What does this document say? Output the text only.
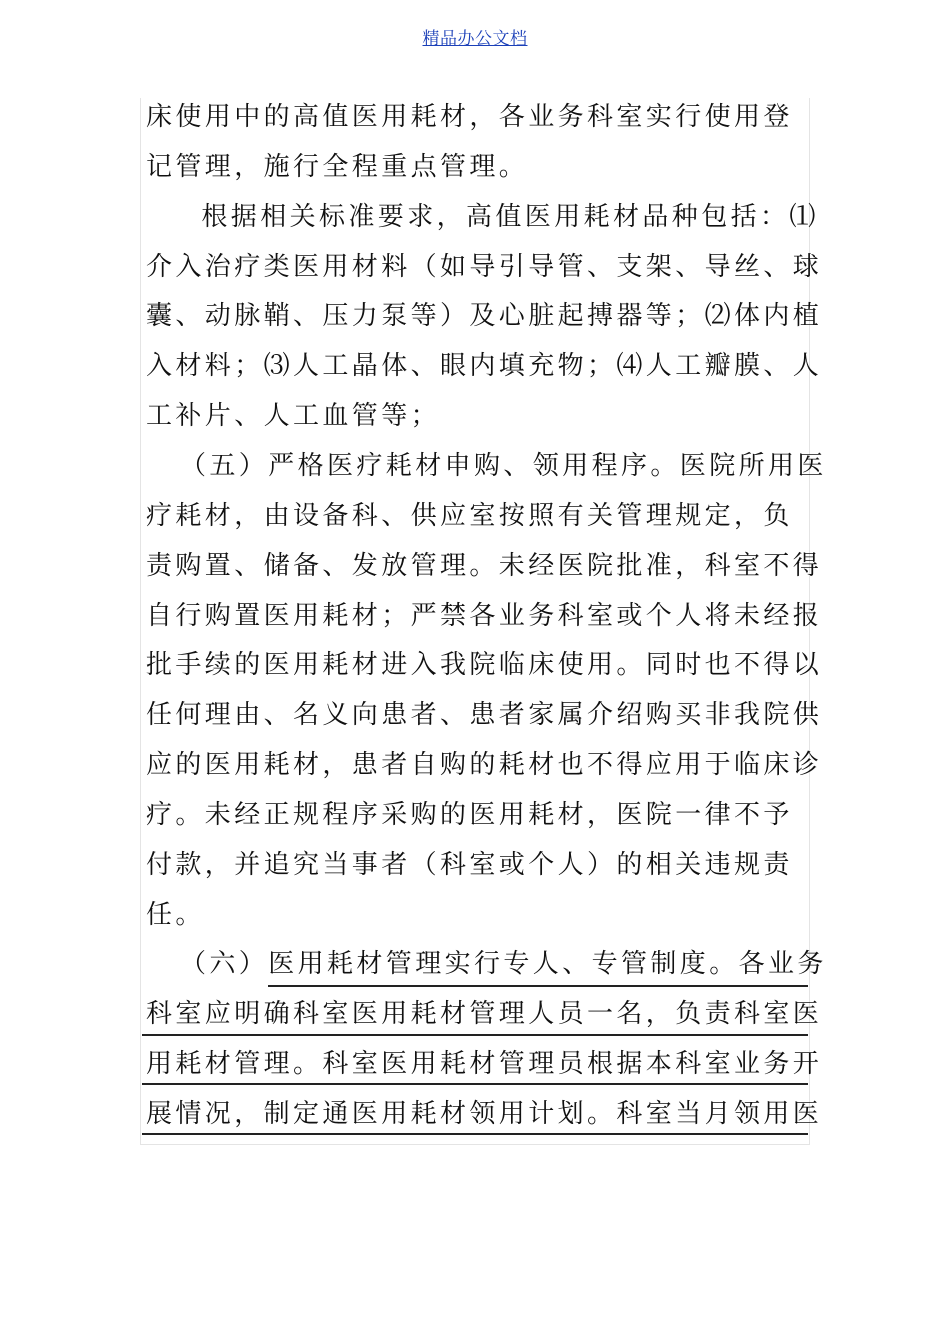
精品办公文档
床使用中的高值医用耗材，各业务科室实行使用登
记管理，施行全程重点管理。
　根据相关标准要求，高值医用耗材品种包括：⑴
介入治疗类医用材料（如导引导管、支架、导丝、球
囊、动脉鞘、压力泵等）及心脏起搏器等；⑵体内植
入材料；⑶人工晶体、眼内填充物；⑷人工瓣膜、人
工补片、人工血管等；
（五）严格医疗耗材申购、领用程序。医院所用医
疗耗材，由设备科、供应室按照有关管理规定，负
责购置、储备、发放管理。未经医院批准，科室不得
自行购置医用耗材；严禁各业务科室或个人将未经报
批手续的医用耗材进入我院临床使用。同时也不得以
任何理由、名义向患者、患者家属介绍购买非我院供
应的医用耗材，患者自购的耗材也不得应用于临床诊
疗。未经正规程序采购的医用耗材，医院一律不予
付款，并追究当事者（科室或个人）的相关违规责
任。
（六）医用耗材管理实行专人、专管制度。各业务
科室应明确科室医用耗材管理人员一名，负责科室医
用耗材管理。科室医用耗材管理员根据本科室业务开
展情况，制定通医用耗材领用计划。科室当月领用医
